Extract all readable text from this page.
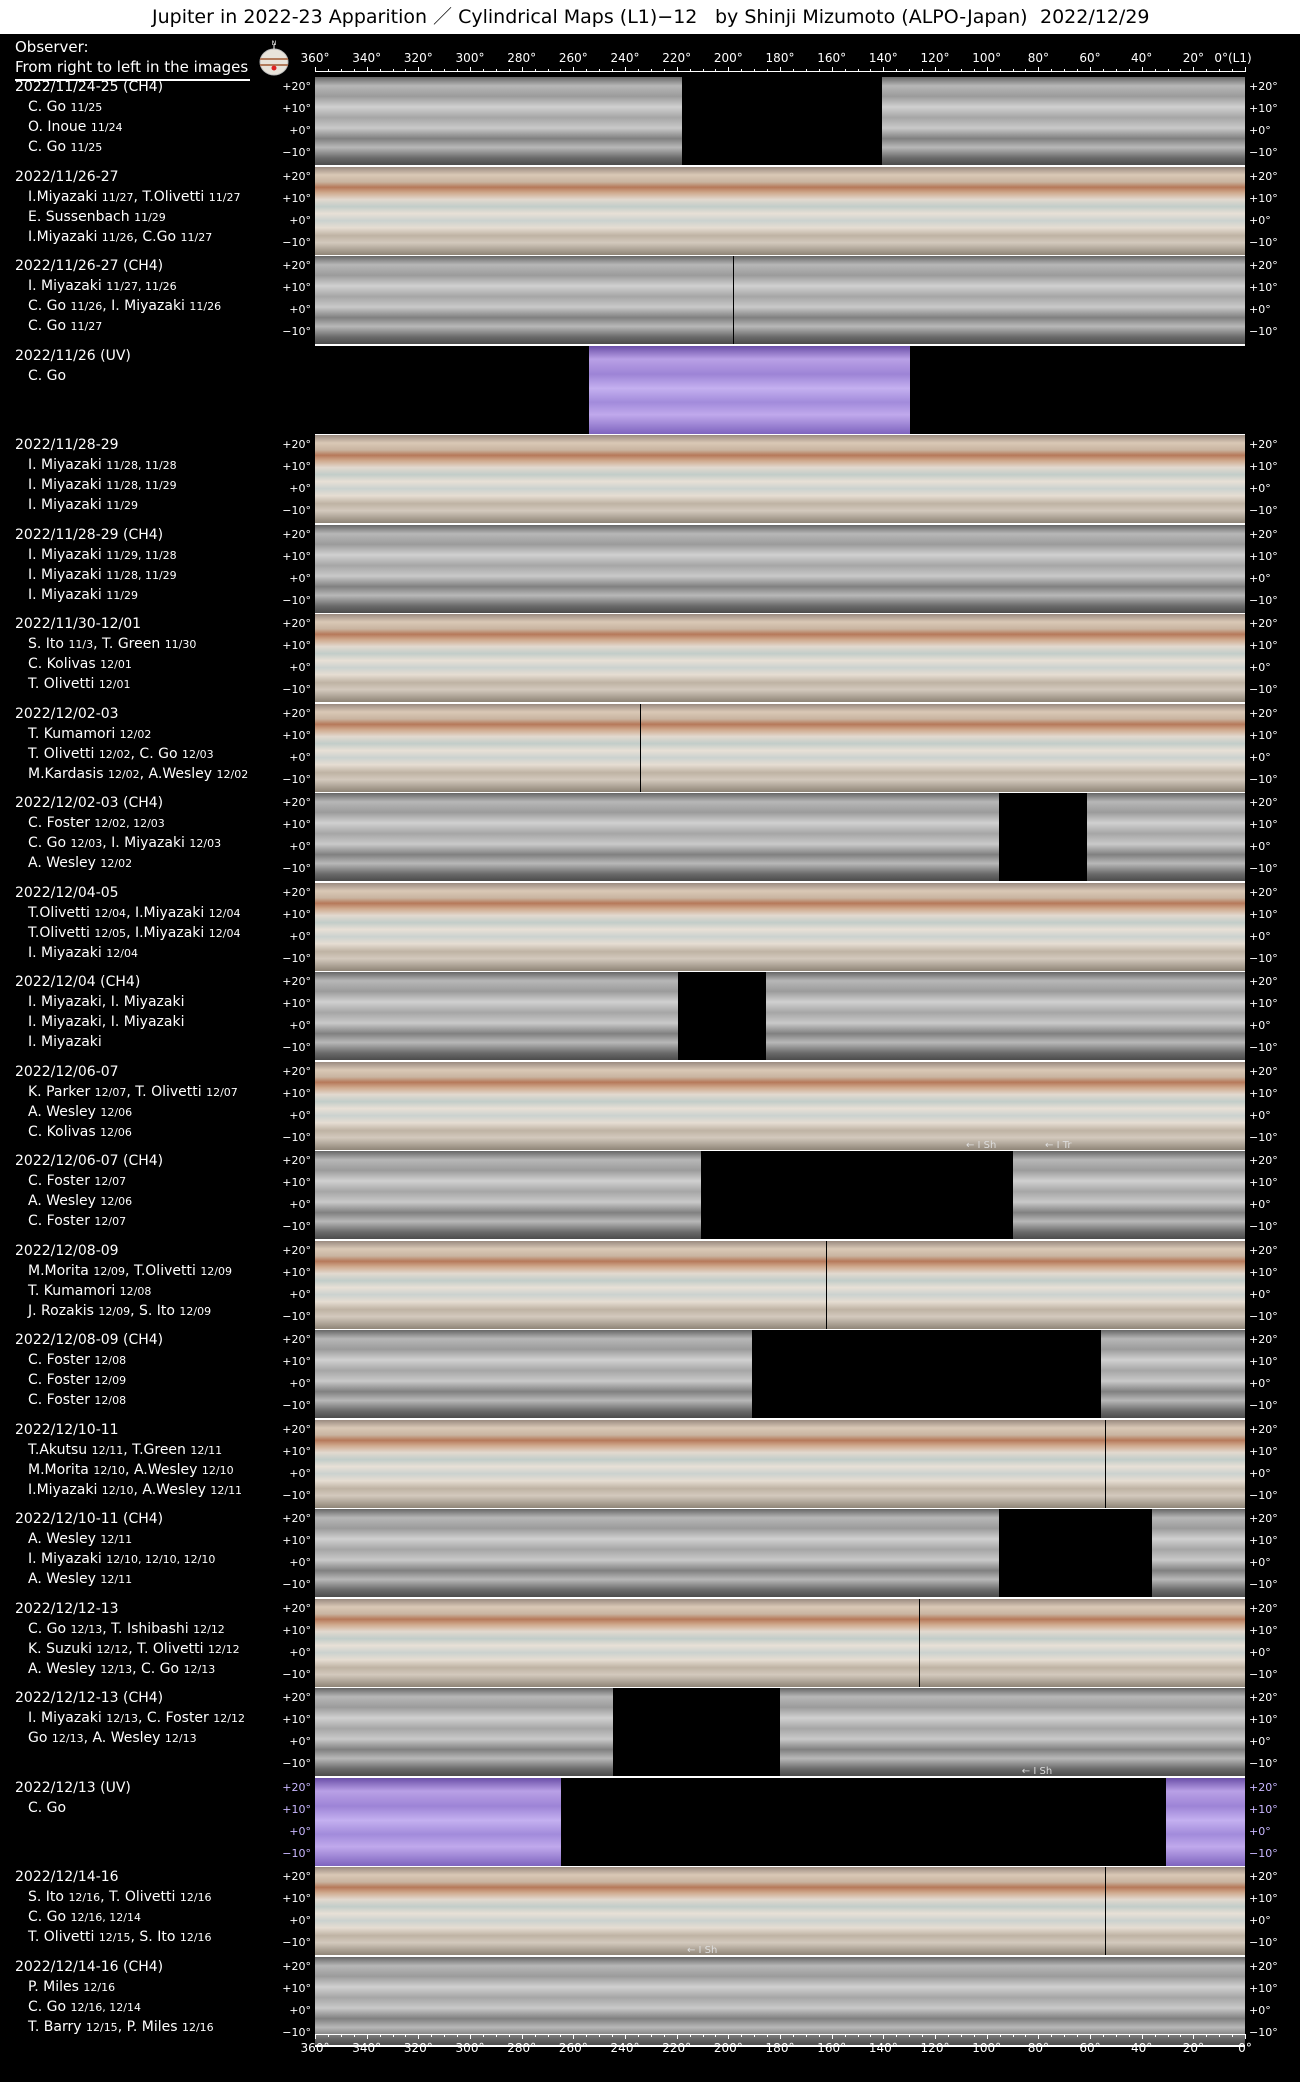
Jupiter in 2022-23 Apparition ／ Cylindrical Maps (L1)−12 by Shinji Mizumoto (ALPO-Japan) 2022/12/29
Observer:
From right to left in the images
N
360° 340° 320° 300° 280° 260° 240° 220° 200° 180° 160° 140° 120° 100° 80°	60°	40°	20° 0°(L1)
2022/11/24-25 (CH4)
C. Go 11/25
O. Inoue 11/24
C. Go 11/25
+20°
+10°
+0°
−10°
+20°
+10°
+0°
−10°
2022/11/26-27
I.Miyazaki 11/27, T.Olivetti 11/27
E. Sussenbach 11/29
I.Miyazaki 11/26, C.Go 11/27
+20°
+10°
+0°
−10°
+20°
+10°
+0°
−10°
2022/11/26-27 (CH4)
I. Miyazaki 11/27, 11/26
C. Go 11/26, I. Miyazaki 11/26
C. Go 11/27
+20°
+10°
+0°
−10°
+20°
+10°
+0°
−10°
2022/11/26 (UV)
C. Go
2022/11/28-29
I. Miyazaki 11/28, 11/28
I. Miyazaki 11/28, 11/29
I. Miyazaki 11/29
+20°
+10°
+0°
−10°
+20°
+10°
+0°
−10°
2022/11/28-29 (CH4)
I. Miyazaki 11/29, 11/28
I. Miyazaki 11/28, 11/29
I. Miyazaki 11/29
+20°
+10°
+0°
−10°
+20°
+10°
+0°
−10°
2022/11/30-12/01
S. Ito 11/3, T. Green 11/30
C. Kolivas 12/01
T. Olivetti 12/01
+20°
+10°
+0°
−10°
+20°
+10°
+0°
−10°
2022/12/02-03
T. Kumamori 12/02
T. Olivetti 12/02, C. Go 12/03
M.Kardasis 12/02, A.Wesley 12/02
+20°
+10°
+0°
−10°
+20°
+10°
+0°
−10°
2022/12/02-03 (CH4)
C. Foster 12/02, 12/03
C. Go 12/03, I. Miyazaki 12/03
A. Wesley 12/02
+20°
+10°
+0°
−10°
+20°
+10°
+0°
−10°
2022/12/04-05
T.Olivetti 12/04, I.Miyazaki 12/04
T.Olivetti 12/05, I.Miyazaki 12/04
I. Miyazaki 12/04
+20°
+10°
+0°
−10°
+20°
+10°
+0°
−10°
2022/12/04 (CH4)
I. Miyazaki, I. Miyazaki
I. Miyazaki, I. Miyazaki
I. Miyazaki
+20°
+10°
+0°
−10°
+20°
+10°
+0°
−10°
2022/12/06-07
K. Parker 12/07, T. Olivetti 12/07
A. Wesley 12/06
C. Kolivas 12/06
+20°
+10°
+0°
−10°
+20°
+10°
+0°
−10°
← I Sh	← I Tr
2022/12/06-07 (CH4)
C. Foster 12/07
A. Wesley 12/06
C. Foster 12/07
+20°
+10°
+0°
−10°
+20°
+10°
+0°
−10°
2022/12/08-09
M.Morita 12/09, T.Olivetti 12/09
T. Kumamori 12/08
J. Rozakis 12/09, S. Ito 12/09
+20°
+10°
+0°
−10°
+20°
+10°
+0°
−10°
2022/12/08-09 (CH4)
C. Foster 12/08
C. Foster 12/09
C. Foster 12/08
+20°
+10°
+0°
−10°
+20°
+10°
+0°
−10°
2022/12/10-11
T.Akutsu 12/11, T.Green 12/11
M.Morita 12/10, A.Wesley 12/10
I.Miyazaki 12/10, A.Wesley 12/11
+20°
+10°
+0°
−10°
+20°
+10°
+0°
−10°
2022/12/10-11 (CH4)
A. Wesley 12/11
I. Miyazaki 12/10, 12/10, 12/10
A. Wesley 12/11
+20°
+10°
+0°
−10°
+20°
+10°
+0°
−10°
2022/12/12-13
C. Go 12/13, T. Ishibashi 12/12
K. Suzuki 12/12, T. Olivetti 12/12
A. Wesley 12/13, C. Go 12/13
+20°
+10°
+0°
−10°
+20°
+10°
+0°
−10°
2022/12/12-13 (CH4)
I. Miyazaki 12/13, C. Foster 12/12
Go 12/13, A. Wesley 12/13
+20°
+10°
+0°
−10°
+20°
+10°
+0°
−10°
← I Sh
2022/12/13 (UV)
C. Go
+20°
+10°
+0°
−10°
+20°
+10°
+0°
−10°
2022/12/14-16
S. Ito 12/16, T. Olivetti 12/16
C. Go 12/16, 12/14
T. Olivetti 12/15, S. Ito 12/16
+20°
+10°
+0°
−10°
+20°
+10°
+0°
−10°
← I Sh
2022/12/14-16 (CH4)
P. Miles 12/16
C. Go 12/16, 12/14
T. Barry 12/15, P. Miles 12/16
+20°
+10°
+0°
−10°
+20°
+10°
+0°
−10°
360° 340° 320° 300° 280° 260° 240° 220° 200° 180° 160° 140° 120° 100° 80°	60°	40°	20°	0°
